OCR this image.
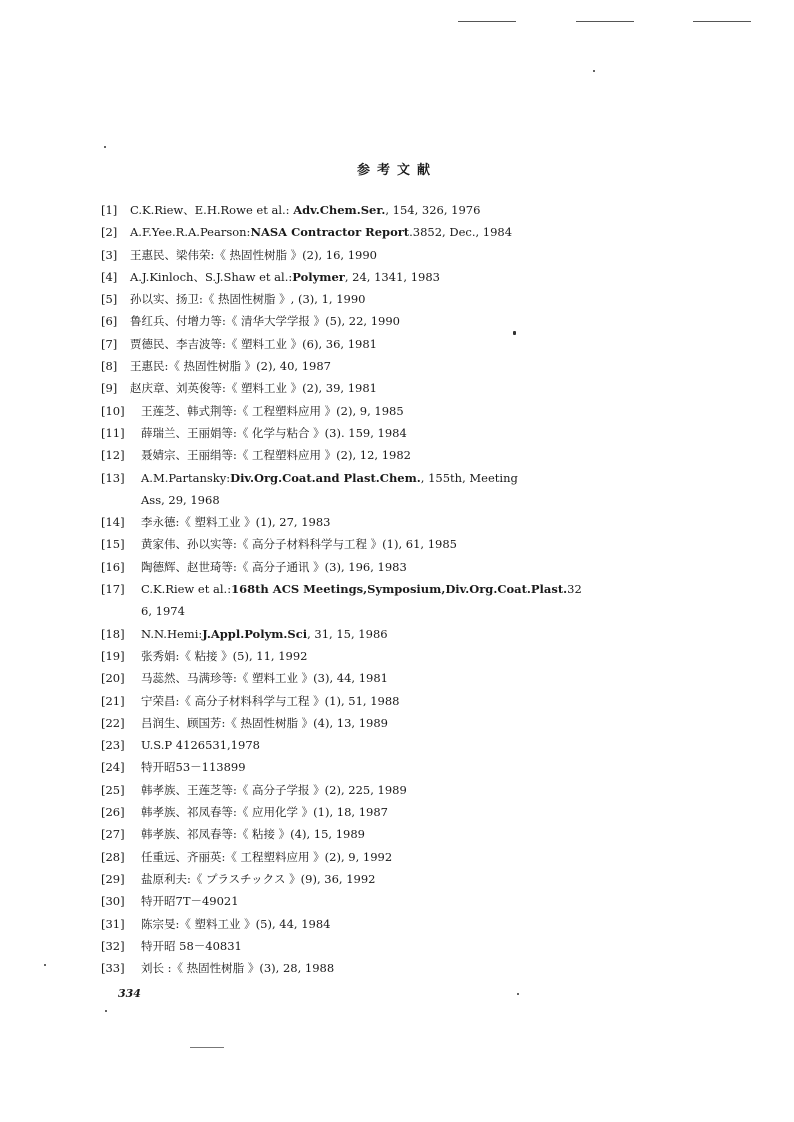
参考文献
[1] C.K.Riew、E.H.Rowe et al.: Adv.Chem.Ser., 154, 326, 1976
[2] A.F.Yee.R.A.Pearson:NASA Contractor Report.3852, Dec., 1984
[3] 王惠民、梁伟荣:《 热固性树脂 》(2), 16, 1990
[4] A.J.Kinloch、S.J.Shaw et al.:Polymer, 24, 1341, 1983
[5] 孙以实、扬卫:《 热固性树脂 》, (3), 1, 1990
[6] 鲁红兵、付增力等:《 清华大学学报 》(5), 22, 1990
[7] 贾德民、李吉波等:《 塑料工业 》(6), 36, 1981
[8] 王惠民:《 热固性树脂 》(2), 40, 1987
[9] 赵庆章、刘英俊等:《 塑料工业 》(2), 39, 1981
[10] 王莲芝、韩式荆等:《 工程塑料应用 》(2), 9, 1985
[11] 薛瑞兰、王丽娟等:《 化学与粘合 》(3). 159, 1984
[12] 聂婧宗、王丽绢等:《 工程塑料应用 》(2), 12, 1982
[13] A.M.Partansky:Div.Org.Coat.and Plast.Chem., 155th, Meeting
Ass, 29, 1968
[14] 李永德:《 塑料工业 》(1), 27, 1983
[15] 黄家伟、孙以实等:《 高分子材料科学与工程 》(1), 61, 1985
[16] 陶德辉、赵世琦等:《 高分子通讯 》(3), 196, 1983
[17] C.K.Riew et al.:168th ACS Meetings,Symposium,Div.Org.Coat.Plast.32
6, 1974
[18] N.N.Hemi:J.Appl.Polym.Sci, 31, 15, 1986
[19] 张秀娟:《 粘接 》(5), 11, 1992
[20] 马蕊然、马满珍等:《 塑料工业 》(3), 44, 1981
[21] 宁荣昌:《 高分子材料科学与工程 》(1), 51, 1988
[22] 吕润生、顾国芳:《 热固性树脂 》(4), 13, 1989
[23] U.S.P 4126531,1978
[24] 特开昭53－113899
[25] 韩孝族、王莲芝等:《 高分子学报 》(2), 225, 1989
[26] 韩孝族、祁凤春等:《 应用化学 》(1), 18, 1987
[27] 韩孝族、祁凤春等:《 粘接 》(4), 15, 1989
[28] 任重远、齐丽英:《 工程塑料应用 》(2), 9, 1992
[29] 盐原利夫:《 プラスチックス 》(9), 36, 1992
[30] 特开昭7T－49021
[31] 陈宗旻:《 塑料工业 》(5), 44, 1984
[32] 特开昭 58－40831
[33] 刘长 :《 热固性树脂 》(3), 28, 1988
334
